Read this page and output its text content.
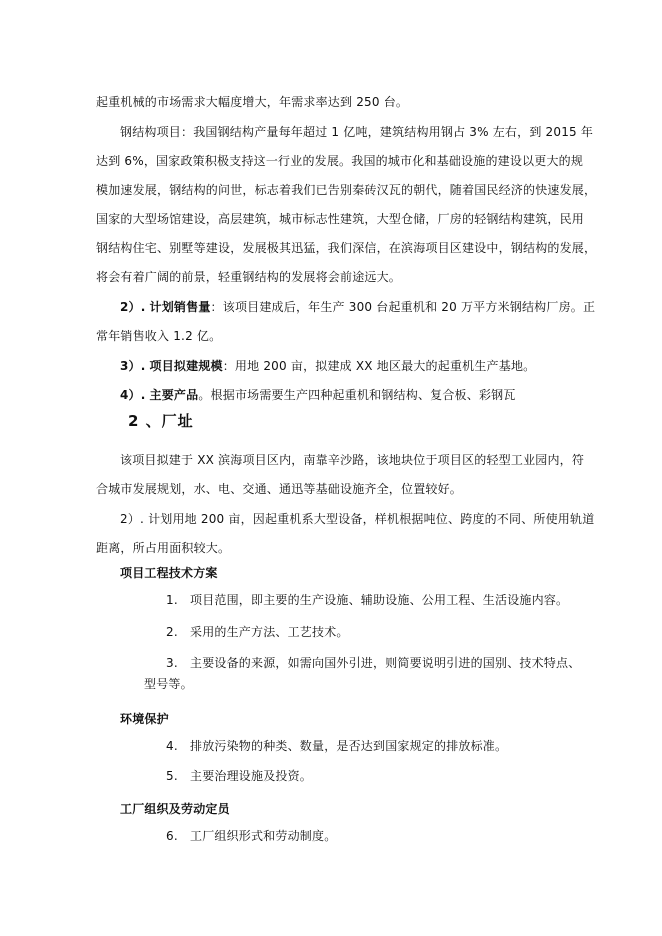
起重机械的市场需求大幅度增大，年需求率达到 250 台。
钢结构项目：我国钢结构产量每年超过 1 亿吨，建筑结构用钢占 3% 左右，到 2015 年
达到 6%，国家政策积极支持这一行业的发展。我国的城市化和基础设施的建设以更大的规
模加速发展，钢结构的问世，标志着我们已告别秦砖汉瓦的朝代，随着国民经济的快速发展，
国家的大型场馆建设，高层建筑，城市标志性建筑，大型仓储，厂房的轻钢结构建筑，民用
钢结构住宅、别墅等建设，发展极其迅猛，我们深信，在滨海项目区建设中，钢结构的发展，
将会有着广阔的前景，轻重钢结构的发展将会前途远大。
2）. 计划销售量：该项目建成后，年生产 300 台起重机和 20 万平方米钢结构厂房。正
常年销售收入 1.2 亿。
3）. 项目拟建规模：用地 200 亩，拟建成 XX 地区最大的起重机生产基地。
4）. 主要产品。根据市场需要生产四种起重机和钢结构、复合板、彩钢瓦
2 、厂址
该项目拟建于 XX 滨海项目区内，南靠辛沙路，该地块位于项目区的轻型工业园内，符
合城市发展规划，水、电、交通、通迅等基础设施齐全，位置较好。
2）. 计划用地 200 亩，因起重机系大型设备，样机根据吨位、跨度的不同、所使用轨道
距离，所占用面积较大。
项目工程技术方案
1. 项目范围，即主要的生产设施、辅助设施、公用工程、生活设施内容。
2. 采用的生产方法、工艺技术。
3. 主要设备的来源，如需向国外引进，则简要说明引进的国别、技术特点、
型号等。
环境保护
4. 排放污染物的种类、数量，是否达到国家规定的排放标准。
5. 主要治理设施及投资。
工厂组织及劳动定员
6. 工厂组织形式和劳动制度。
